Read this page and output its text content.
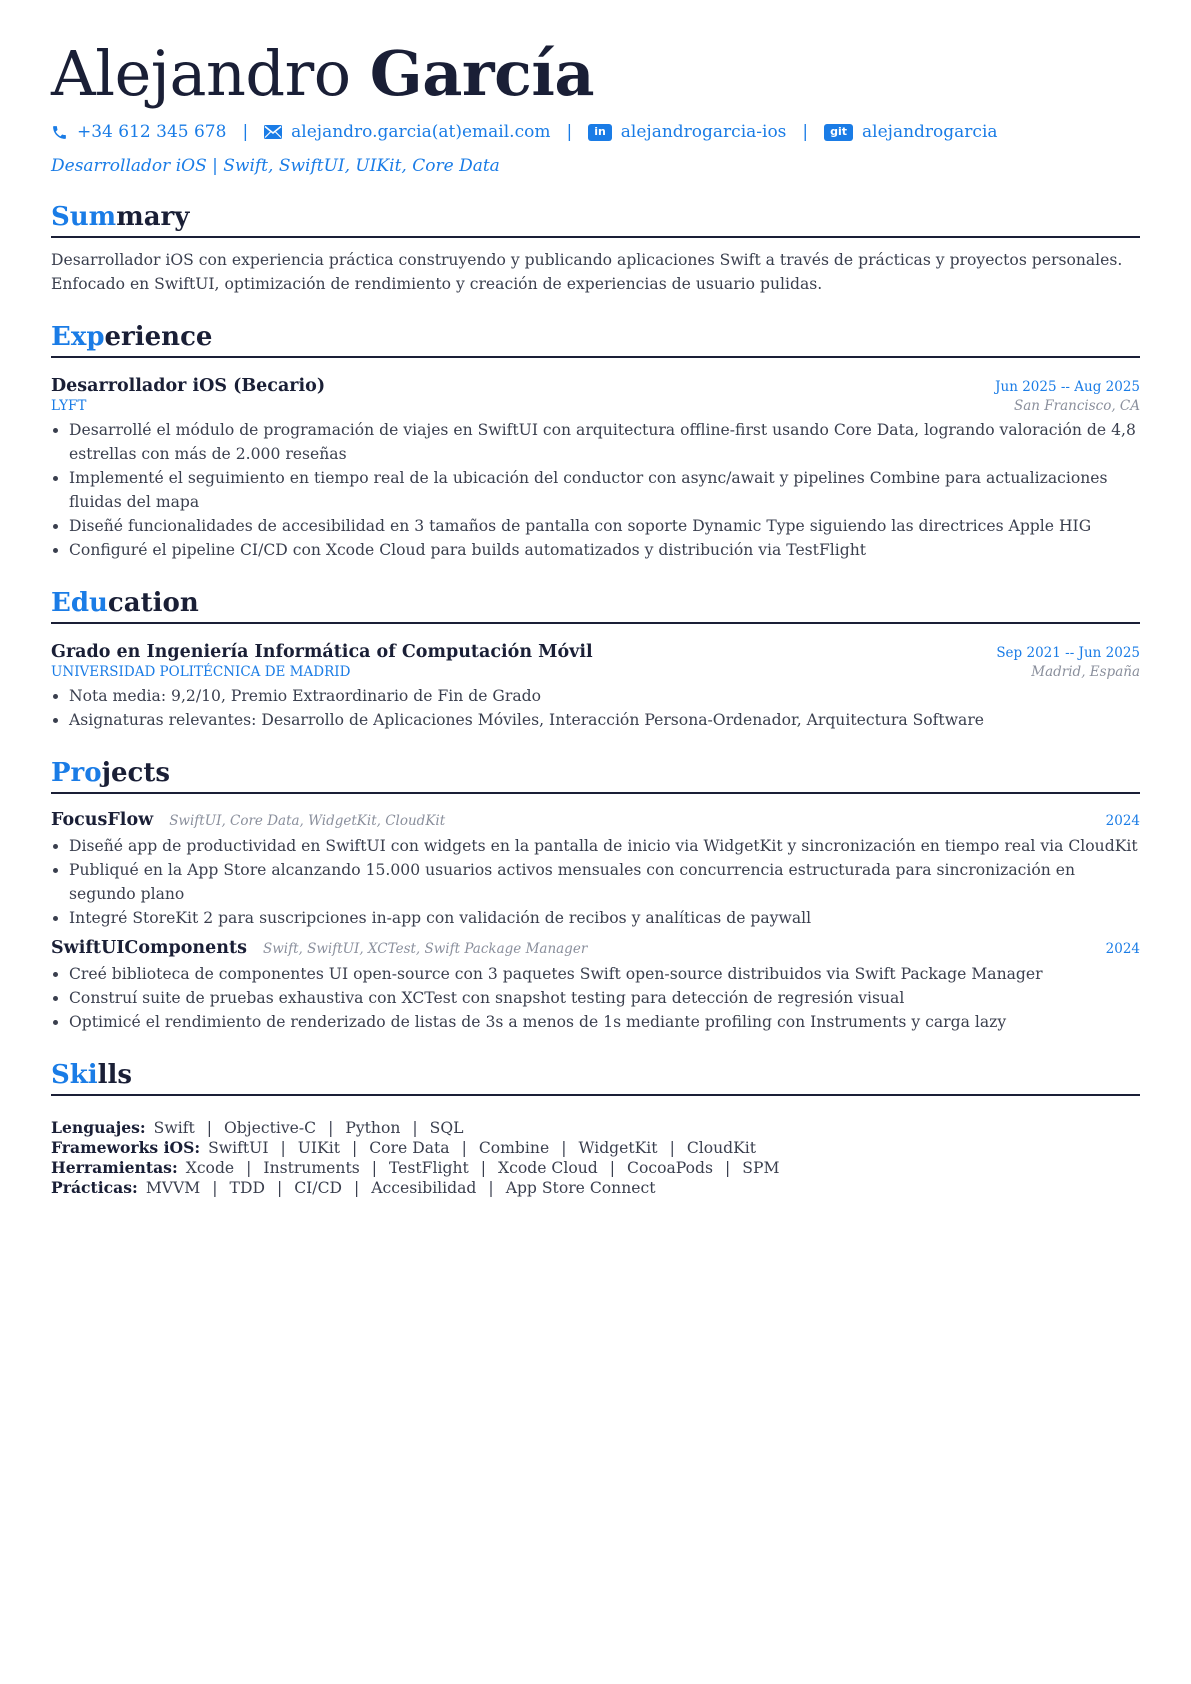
Alejandro García
+34 612 345 678 |	alejandro.garcia(at)email.com |	in alejandrogarcia-ios |	git alejandrogarcia
Desarrollador iOS | Swift, SwiftUI, UIKit, Core Data
Summary
Desarrollador iOS con experiencia práctica construyendo y publicando aplicaciones Swift a través de prácticas y proyectos personales. Enfocado en SwiftUI, optimización de rendimiento y creación de experiencias de usuario pulidas.
Experience
Desarrollador iOS (Becario)	Jun 2025 -- Aug 2025
LYFT	San Francisco, CA
• Desarrollé el módulo de programación de viajes en SwiftUI con arquitectura offline-first usando Core Data, logrando valoración de 4,8 estrellas con más de 2.000 reseñas
• Implementé el seguimiento en tiempo real de la ubicación del conductor con async/await y pipelines Combine para actualizaciones fluidas del mapa
• Diseñé funcionalidades de accesibilidad en 3 tamaños de pantalla con soporte Dynamic Type siguiendo las directrices Apple HIG
• Configuré el pipeline CI/CD con Xcode Cloud para builds automatizados y distribución via TestFlight
Education
Grado en Ingeniería Informática of Computación Móvil	Sep 2021 -- Jun 2025
UNIVERSIDAD POLITÉCNICA DE MADRID	Madrid, España
• Nota media: 9,2/10, Premio Extraordinario de Fin de Grado
• Asignaturas relevantes: Desarrollo de Aplicaciones Móviles, Interacción Persona-Ordenador, Arquitectura Software
Projects
FocusFlow SwiftUI, Core Data, WidgetKit, CloudKit	2024
• Diseñé app de productividad en SwiftUI con widgets en la pantalla de inicio via WidgetKit y sincronización en tiempo real via CloudKit
• Publiqué en la App Store alcanzando 15.000 usuarios activos mensuales con concurrencia estructurada para sincronización en segundo plano
• Integré StoreKit 2 para suscripciones in-app con validación de recibos y analíticas de paywall
SwiftUIComponents Swift, SwiftUI, XCTest, Swift Package Manager	2024
• Creé biblioteca de componentes UI open-source con 3 paquetes Swift open-source distribuidos via Swift Package Manager
• Construí suite de pruebas exhaustiva con XCTest con snapshot testing para detección de regresión visual
• Optimicé el rendimiento de renderizado de listas de 3s a menos de 1s mediante profiling con Instruments y carga lazy
Skills
Lenguajes: Swift | Objective-C | Python | SQL
Frameworks iOS: SwiftUI | UIKit | Core Data | Combine | WidgetKit | CloudKit
Herramientas: Xcode | Instruments | TestFlight | Xcode Cloud | CocoaPods | SPM
Prácticas: MVVM | TDD | CI/CD | Accesibilidad | App Store Connect
